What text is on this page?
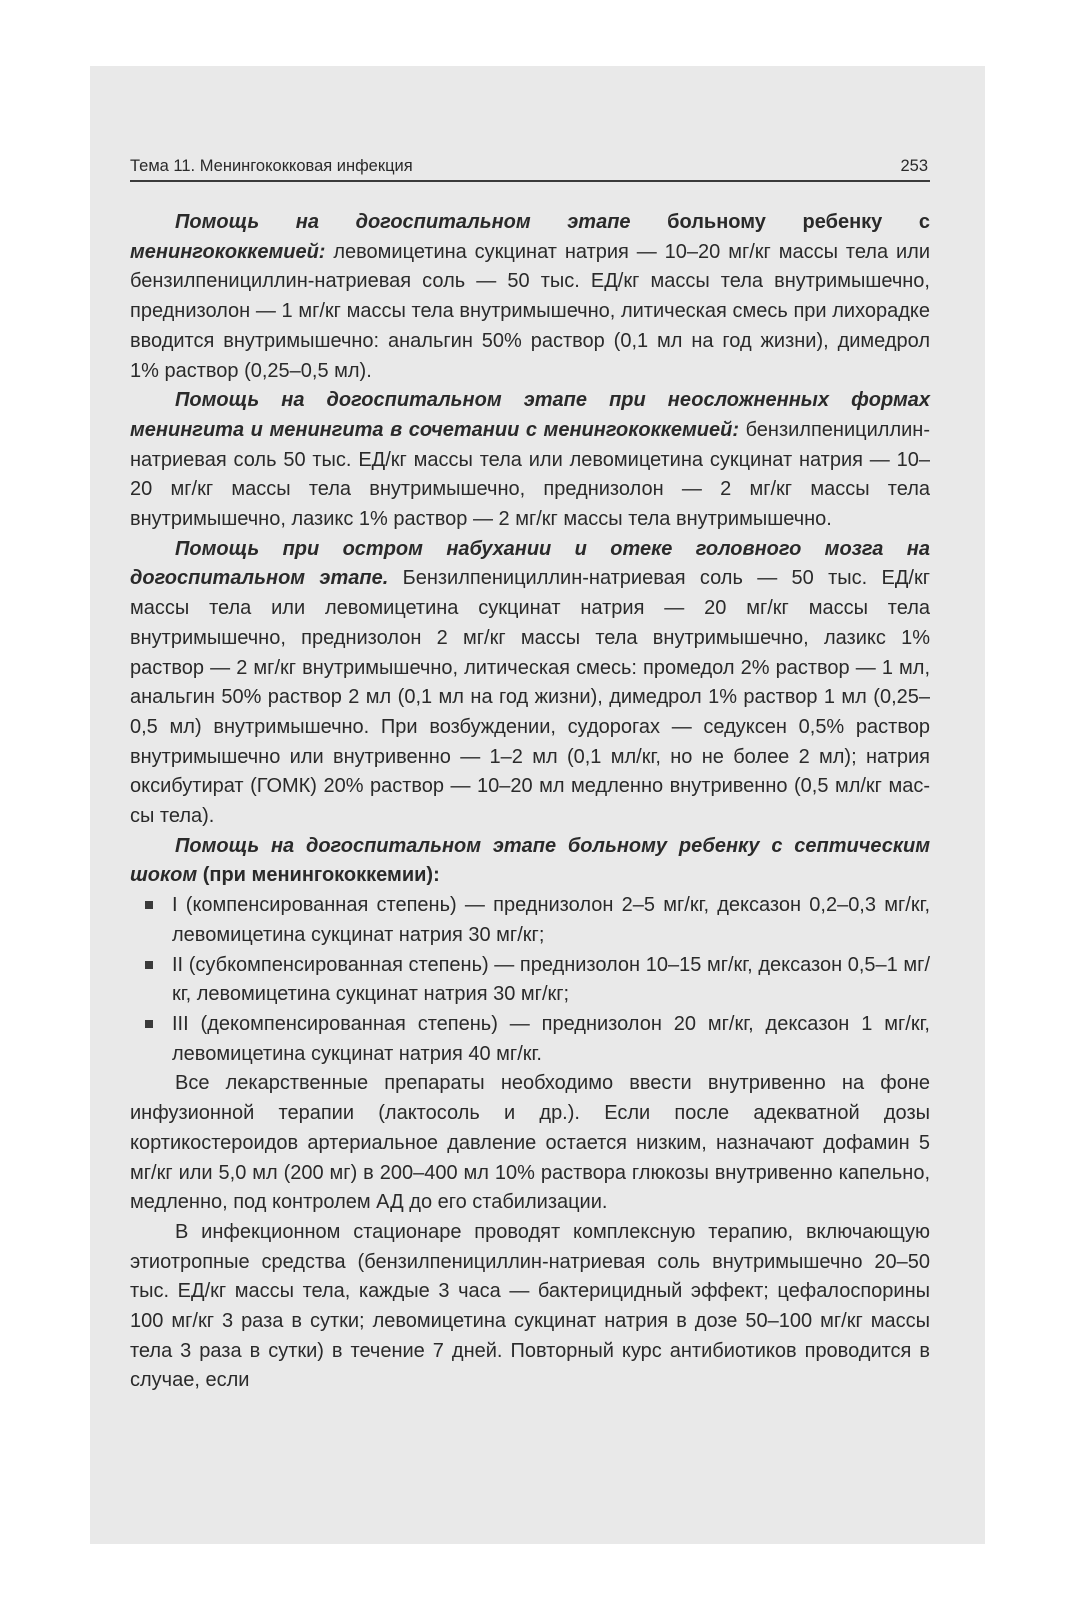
Тема 11. Менингококковая инфекция	253

Помощь на догоспитальном этапе больному ребенку с менингококкемией: левомицетина сукцинат натрия — 10–20 мг/кг массы тела или бензилпенициллин-натриевая соль — 50 тыс. ЕД/кг массы тела внутримышечно, преднизолон — 1 мг/кг массы тела внутримышечно, литическая смесь при лихорадке вводится внутримышечно: анальгин 50% раствор (0,1 мл на год жизни), димедрол 1% раствор (0,25–0,5 мл).

Помощь на догоспитальном этапе при неосложненных формах менингита и менингита в сочетании с менингококкемией: бензилпенициллин-натриевая соль 50 тыс. ЕД/кг массы тела или левомицетина сукцинат натрия — 10–20 мг/кг массы тела внутримышечно, преднизолон — 2 мг/кг массы тела внутримышечно, лазикс 1% раствор — 2 мг/кг массы тела внутримышечно.

Помощь при остром набухании и отеке головного мозга на догоспитальном этапе. Бензилпенициллин-натриевая соль — 50 тыс. ЕД/кг массы тела или левомицетина сукцинат натрия — 20 мг/кг массы тела внутримышечно, преднизолон 2 мг/кг массы тела внутримышечно, лазикс 1% раствор — 2 мг/кг внутримышечно, литическая смесь: промедол 2% раствор — 1 мл, анальгин 50% раствор 2 мл (0,1 мл на год жизни), димедрол 1% раствор 1 мл (0,25–0,5 мл) внутримышечно. При возбуждении, судорогах — седуксен 0,5% раствор внутримышечно или внутривенно — 1–2 мл (0,1 мл/кг, но не более 2 мл); натрия оксибутират (ГОМК) 20% раствор — 10–20 мл медленно внутривенно (0,5 мл/кг массы тела).

Помощь на догоспитальном этапе больному ребенку с септическим шоком (при менингококкемии):

I (компенсированная степень) — преднизолон 2–5 мг/кг, дексазон 0,2–0,3 мг/кг, левомицетина сукцинат натрия 30 мг/кг;
II (субкомпенсированная степень) — преднизолон 10–15 мг/кг, дексазон 0,5–1 мг/кг, левомицетина сукцинат натрия 30 мг/кг;
III (декомпенсированная степень) — преднизолон 20 мг/кг, дексазон 1 мг/кг, левомицетина сукцинат натрия 40 мг/кг.

Все лекарственные препараты необходимо ввести внутривенно на фоне инфузионной терапии (лактосоль и др.). Если после адекватной дозы кортикостероидов артериальное давление остается низким, назначают дофамин 5 мг/кг или 5,0 мл (200 мг) в 200–400 мл 10% раствора глюкозы внутривенно капельно, медленно, под контролем АД до его стабилизации.

В инфекционном стационаре проводят комплексную терапию, включающую этиотропные средства (бензилпенициллин-натриевая соль внутримышечно 20–50 тыс. ЕД/кг массы тела, каждые 3 часа — бактерицидный эффект; цефалоспорины 100 мг/кг 3 раза в сутки; левомицетина сукцинат натрия в дозе 50–100 мг/кг массы тела 3 раза в сутки) в течение 7 дней. Повторный курс антибиотиков проводится в случае, если
